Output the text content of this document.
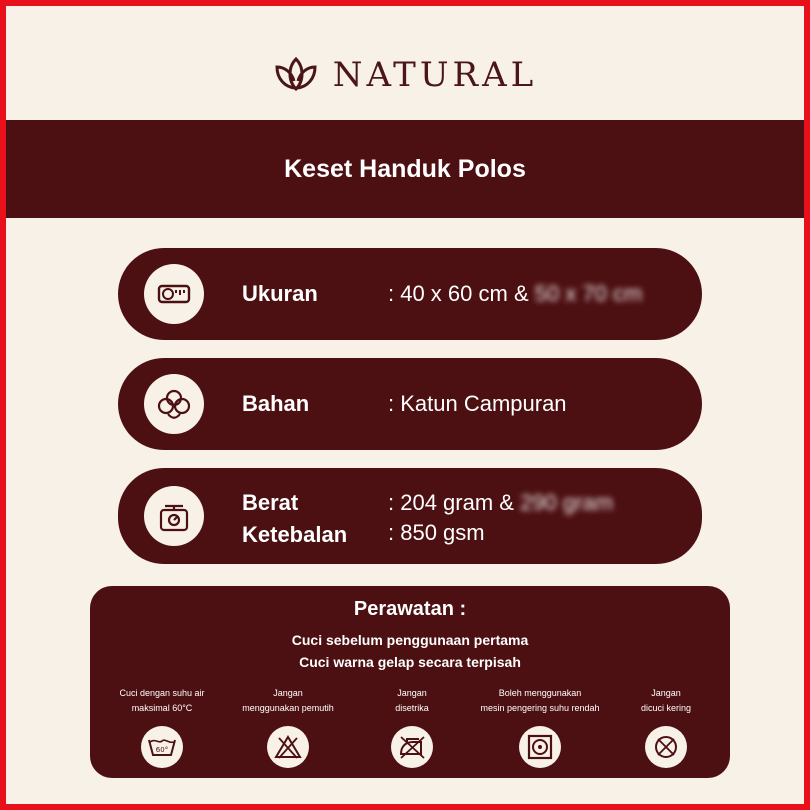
NATURAL
Keset Handuk Polos
Ukuran	: 40 x 60 cm & 50 x 70 cm
Bahan	: Katun Campuran
Berat	: 204 gram & 290 gram
Ketebalan : 850 gsm
Perawatan :
Cuci sebelum penggunaan pertama
Cuci warna gelap secara terpisah
Cuci dengan suhu air
maksimal 60°C
60°
Jangan
menggunakan pemutih
Jangan
disetrika
Boleh menggunakan
mesin pengering suhu rendah
Jangan
dicuci kering
